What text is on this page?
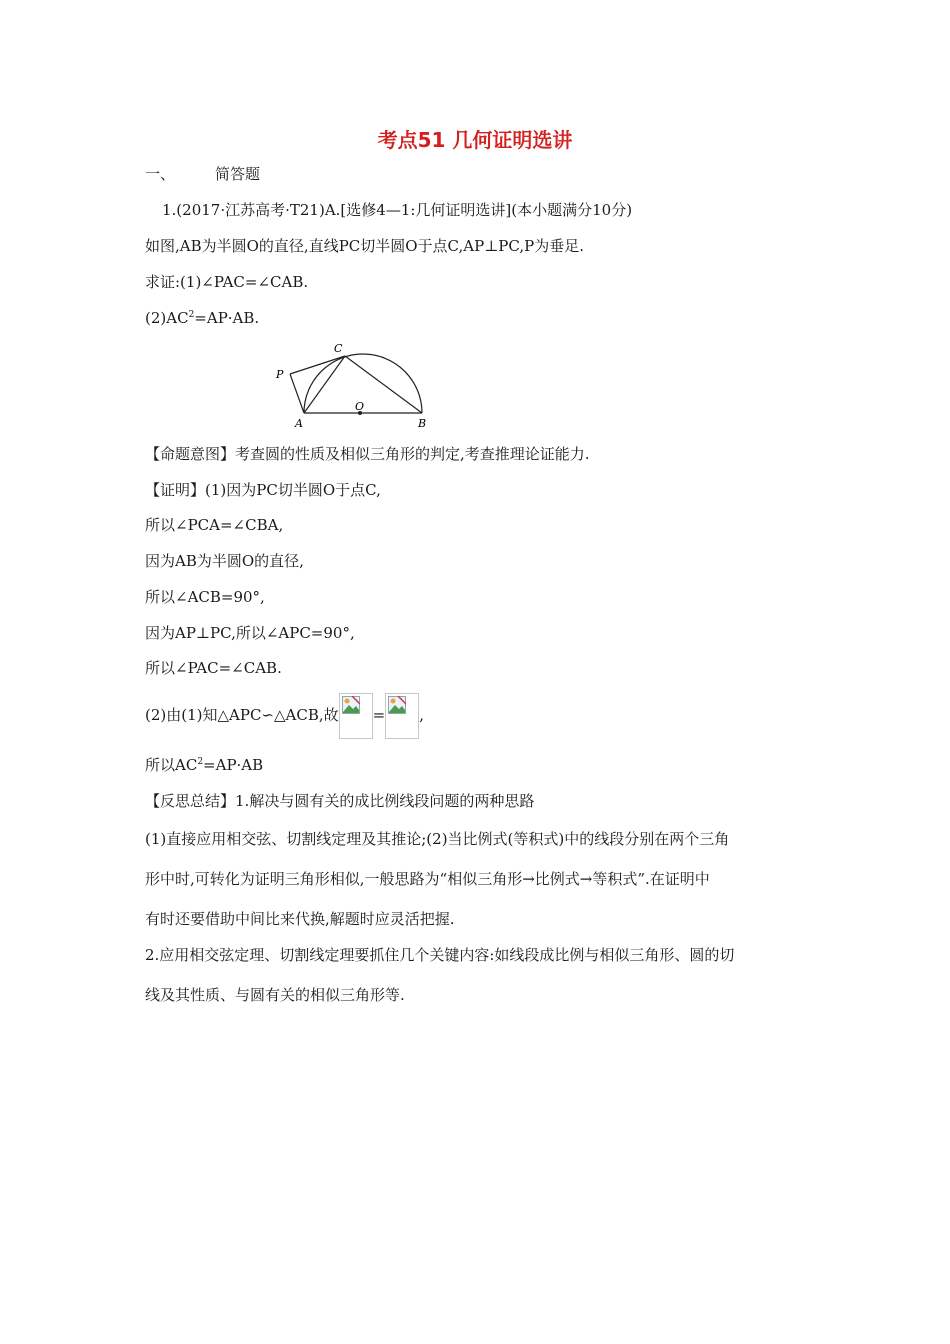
考点51 几何证明选讲
一、	简答题
1.(2017·江苏高考·T21)A.[选修4—1:几何证明选讲](本小题满分10分)
如图,AB为半圆O的直径,直线PC切半圆O于点C,AP⊥PC,P为垂足.
求证:(1)∠PAC=∠CAB.
$(2)AC^2=AP\cdot AB$.
P
C
O
A	B
【命题意图】考查圆的性质及相似三角形的判定,考查推理论证能力.
【证明】(1)因为PC切半圆O于点C,
所以∠PCA=∠CBA,
因为AB为半圆O的直径,
所以∠ACB=90°,
因为AP⊥PC,所以∠APC=90°,
所以∠PAC=∠CAB.
(2)由(1)知△APC∽△ACB,故 = ,
所以$AC^2=AP\cdot AB$
【反思总结】1.解决与圆有关的成比例线段问题的两种思路
(1)直接应用相交弦、切割线定理及其推论;(2)当比例式(等积式)中的线段分别在两个三角
形中时,可转化为证明三角形相似,一般思路为“相似三角形→比例式→等积式”.在证明中
有时还要借助中间比来代换,解题时应灵活把握.
2.应用相交弦定理、切割线定理要抓住几个关键内容:如线段成比例与相似三角形、圆的切
线及其性质、与圆有关的相似三角形等.
